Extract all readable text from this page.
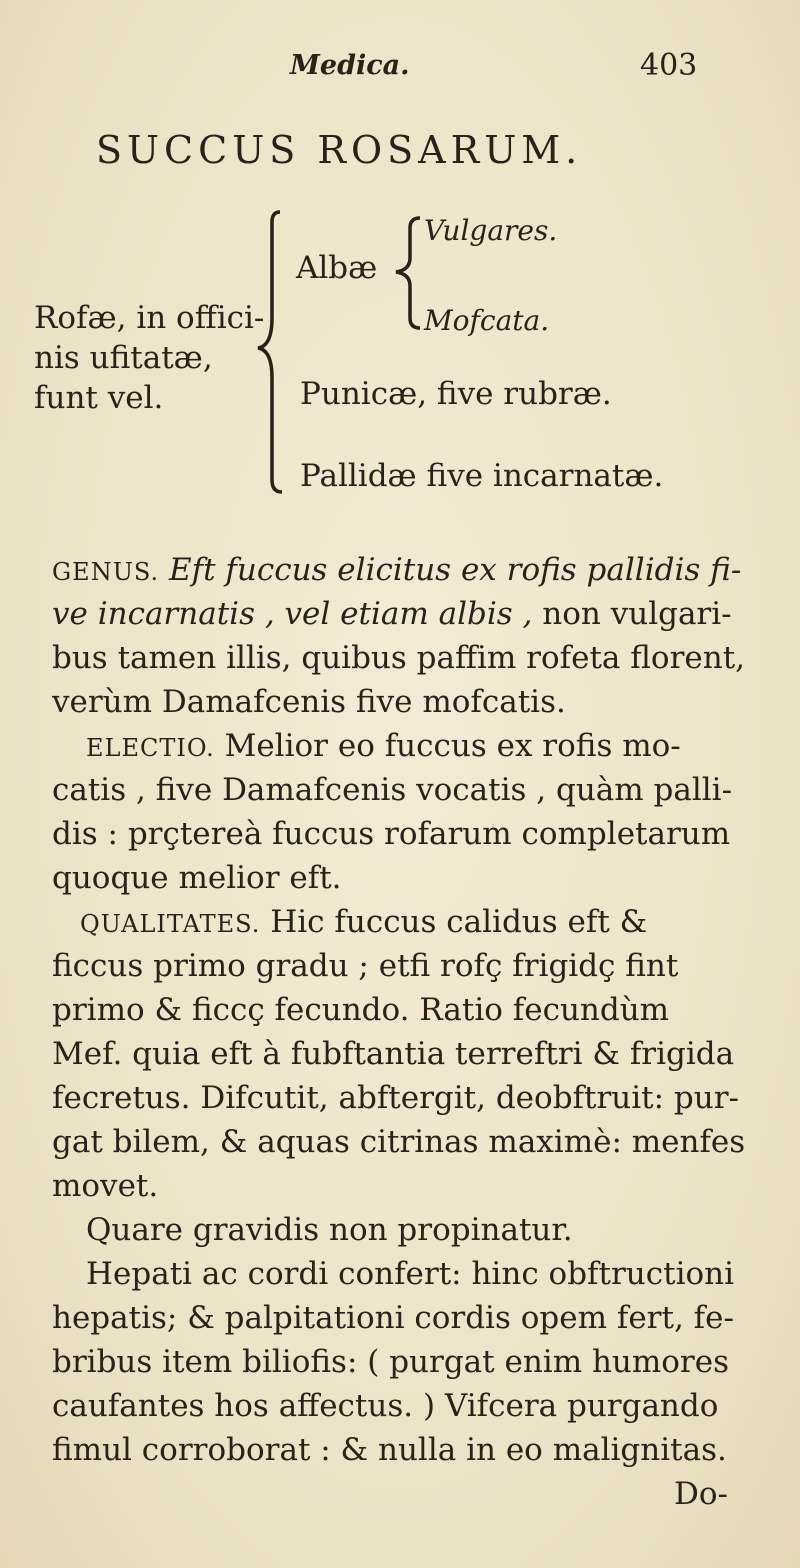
Medica.	403
SUCCUS ROSARUM.
Rofæ, in offici-
nis ufitatæ,
funt vel.
Albæ
Vulgares.
Mofcata.
Punicæ, five rubræ.
Pallidæ five incarnatæ.
GENUS. Eft fuccus elicitus ex rofis pallidis fi-
ve incarnatis , vel etiam albis , non vulgari-
bus tamen illis, quibus paffim rofeta florent,
verùm Damafcenis five mofcatis.
ELECTIO. Melior eo fuccus ex rofis mo-
catis , five Damafcenis vocatis , quàm palli-
dis : prçtereà fuccus rofarum completarum
quoque melior eft.
QUALITATES. Hic fuccus calidus eft &
ficcus primo gradu ; etfi rofç frigidç fint
primo & ficcç fecundo. Ratio fecundùm
Mef. quia eft à fubftantia terreftri & frigida
fecretus. Difcutit, abftergit, deobftruit: pur-
gat bilem, & aquas citrinas maximè: menfes
movet.
Quare gravidis non propinatur.
Hepati ac cordi confert: hinc obftructioni
hepatis; & palpitationi cordis opem fert, fe-
bribus item biliofis: ( purgat enim humores
caufantes hos affectus. ) Vifcera purgando
fimul corroborat : & nulla in eo malignitas.
Do-
